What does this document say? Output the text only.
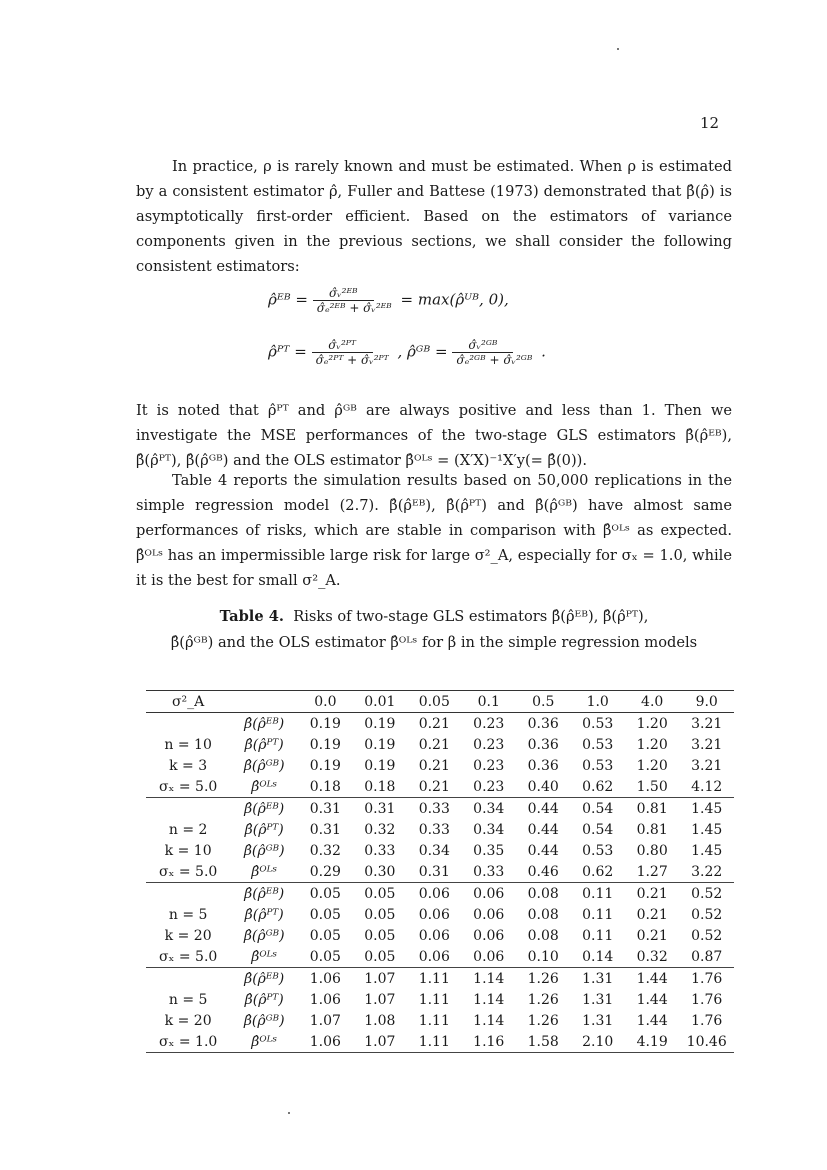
12
In practice, ρ is rarely known and must be estimated. When ρ is estimated by a consistent estimator ρ̂, Fuller and Battese (1973) demonstrated that β̂(ρ̂) is asymptotically first-order efficient. Based on the estimators of variance components given in the previous sections, we shall consider the following consistent estimators:
ρ̂ᴱᴮ = $\frac{\text{σ̂ᵥ²ᴱᴮ}}{\text{σ̂ₑ²ᴱᴮ + σ̂ᵥ²ᴱᴮ}}$ = max(ρ̂ᵁᴮ, 0),
ρ̂ᴾᵀ = $\frac{\text{σ̂ᵥ²ᴾᵀ}}{\text{σ̂ₑ²ᴾᵀ + σ̂ᵥ²ᴾᵀ}}$ , ρ̂ᴳᴮ = $\frac{\text{σ̂ᵥ²ᴳᴮ}}{\text{σ̂ₑ²ᴳᴮ + σ̂ᵥ²ᴳᴮ}}$ .
It is noted that ρ̂ᴾᵀ and ρ̂ᴳᴮ are always positive and less than 1. Then we investigate the MSE performances of the two-stage GLS estimators β̂(ρ̂ᴱᴮ), β̂(ρ̂ᴾᵀ), β̂(ρ̂ᴳᴮ) and the OLS estimator β̂ᴼᴸˢ = (X′X)⁻¹X′y(= β̂(0)).
Table 4 reports the simulation results based on 50,000 replications in the simple regression model (2.7). β̂(ρ̂ᴱᴮ), β̂(ρ̂ᴾᵀ) and β̂(ρ̂ᴳᴮ) have almost same performances of risks, which are stable in comparison with β̂ᴼᴸˢ as expected. β̂ᴼᴸˢ has an impermissible large risk for large σ²_A, especially for σₓ = 1.0, while it is the best for small σ²_A.
Table 4. Risks of two-stage GLS estimators β̂(ρ̂ᴱᴮ), β̂(ρ̂ᴾᵀ),
β̂(ρ̂ᴳᴮ) and the OLS estimator β̂ᴼᴸˢ for β in the simple regression models
σ²_A		0.0	0.01	0.05	0.1	0.5	1.0	4.0	9.0
	β̂(ρ̂ᴱᴮ)	0.19	0.19	0.21	0.23	0.36	0.53	1.20	3.21
n = 10	β̂(ρ̂ᴾᵀ)	0.19	0.19	0.21	0.23	0.36	0.53	1.20	3.21
k = 3	β̂(ρ̂ᴳᴮ)	0.19	0.19	0.21	0.23	0.36	0.53	1.20	3.21
σₓ = 5.0	β̂ᴼᴸˢ	0.18	0.18	0.21	0.23	0.40	0.62	1.50	4.12
	β̂(ρ̂ᴱᴮ)	0.31	0.31	0.33	0.34	0.44	0.54	0.81	1.45
n = 2	β̂(ρ̂ᴾᵀ)	0.31	0.32	0.33	0.34	0.44	0.54	0.81	1.45
k = 10	β̂(ρ̂ᴳᴮ)	0.32	0.33	0.34	0.35	0.44	0.53	0.80	1.45
σₓ = 5.0	β̂ᴼᴸˢ	0.29	0.30	0.31	0.33	0.46	0.62	1.27	3.22
	β̂(ρ̂ᴱᴮ)	0.05	0.05	0.06	0.06	0.08	0.11	0.21	0.52
n = 5	β̂(ρ̂ᴾᵀ)	0.05	0.05	0.06	0.06	0.08	0.11	0.21	0.52
k = 20	β̂(ρ̂ᴳᴮ)	0.05	0.05	0.06	0.06	0.08	0.11	0.21	0.52
σₓ = 5.0	β̂ᴼᴸˢ	0.05	0.05	0.06	0.06	0.10	0.14	0.32	0.87
	β̂(ρ̂ᴱᴮ)	1.06	1.07	1.11	1.14	1.26	1.31	1.44	1.76
n = 5	β̂(ρ̂ᴾᵀ)	1.06	1.07	1.11	1.14	1.26	1.31	1.44	1.76
k = 20	β̂(ρ̂ᴳᴮ)	1.07	1.08	1.11	1.14	1.26	1.31	1.44	1.76
σₓ = 1.0	β̂ᴼᴸˢ	1.06	1.07	1.11	1.16	1.58	2.10	4.19	10.46
